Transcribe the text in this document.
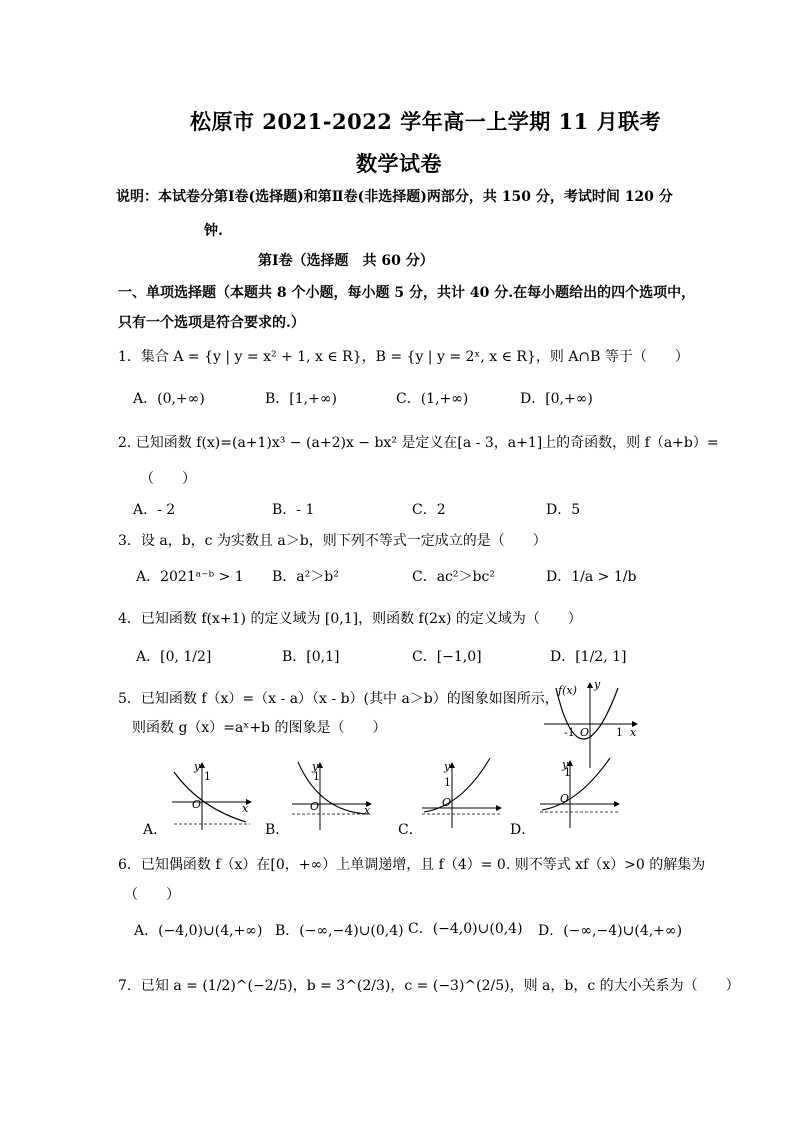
松原市 2021-2022 学年高一上学期 11 月联考
数学试卷
说明：本试卷分第Ⅰ卷(选择题)和第Ⅱ卷(非选择题)两部分，共 150 分，考试时间 120 分
钟.
第Ⅰ卷（选择题　共 60 分）
一、单项选择题（本题共 8 个小题，每小题 5 分，共计 40 分.在每小题给出的四个选项中，
只有一个选项是符合要求的.）
1．集合 A = {y | y = x² + 1, x ∈ R}，B = {y | y = 2ˣ, x ∈ R}，则 A∩B 等于（　　）
A．(0,+∞)	B．[1,+∞)	C．(1,+∞)	D．[0,+∞)
2. 已知函数 f(x)=(a+1)x³ − (a+2)x − bx² 是定义在[a - 3，a+1]上的奇函数，则 f（a+b）=
（　　）
A．- 2	B．- 1	C．2	D．5
3．设 a，b，c 为实数且 a＞b，则下列不等式一定成立的是（　　）
A．2021ᵃ⁻ᵇ > 1 B．a²＞b²	C．ac²＞bc²	D．1/a > 1/b
4．已知函数 f(x+1) 的定义域为 [0,1]，则函数 f(2x) 的定义域为（　　）
A．[0, 1/2]	B．[0,1]	C．[−1,0]	D．[1/2, 1]
5．已知函数 f（x）=（x - a）（x - b）(其中 a＞b）的图象如图所示，
则函数 g（x）=aˣ+b 的图象是（　　）
f(x) y
x
O
-1	1
y
x
O
1
A．
y
x
O
1
B．
y
O
1
C．
y
O
1
D．
6．已知偶函数 f（x）在[0，+∞）上单调递增，且 f（4）= 0. 则不等式 xf（x）>0 的解集为
（　　）
A．(−4,0)∪(4,+∞) B．(−∞,−4)∪(0,4) C．(−4,0)∪(0,4) D．(−∞,−4)∪(4,+∞)
7．已知 a = (1/2)^(−2/5)，b = 3^(2/3)，c = (−3)^(2/5)，则 a，b，c 的大小关系为（　　）
